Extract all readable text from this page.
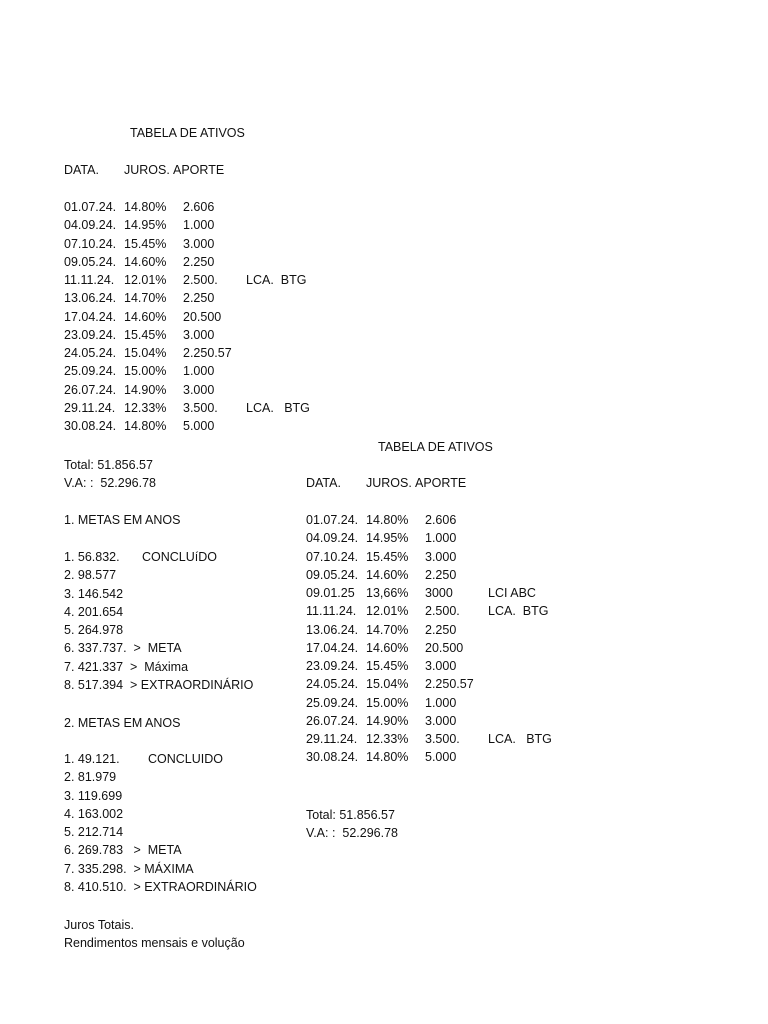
TABELA DE ATIVOS

DATA.

JUROS.

APORTE

01.07.24. 14.80% 2.606
04.09.24. 14.95% 1.000
07.10.24. 15.45% 3.000
09.05.24. 14.60% 2.250
11.11.24. 12.01% 2.500. LCA.  BTG
13.06.24. 14.70% 2.250
17.04.24. 14.60% 20.500
23.09.24. 15.45% 3.000
24.05.24. 15.04% 2.250.57
25.09.24. 15.00% 1.000
26.07.24. 14.90% 3.000
29.11.24. 12.33% 3.500. LCA.   BTG
30.08.24. 14.80% 5.000
Total: 51.856.57
V.A: :  52.296.78
1. METAS EM ANOS
1. 56.832. CONCLUíDO
2. 98.577
3. 146.542
4. 201.654
5. 264.978
6. 337.737.  >  META
7. 421.337  >  Máxima
8. 517.394  > EXTRAORDINÁRIO
2. METAS EM ANOS
1. 49.121. CONCLUIDO
2. 81.979
3. 119.699
4. 163.002
5. 212.714
6. 269.783   >  META
7. 335.298.  > MÁXIMA
8. 410.510.  > EXTRAORDINÁRIO
TABELA DE ATIVOS

DATA.

JUROS.

APORTE

01.07.24. 14.80% 2.606
04.09.24. 14.95% 1.000
07.10.24. 15.45% 3.000
09.05.24. 14.60% 2.250
09.01.25 13,66% 3000	LCI ABC
11.11.24. 12.01% 2.500. LCA.  BTG
13.06.24. 14.70% 2.250
17.04.24. 14.60% 20.500
23.09.24. 15.45% 3.000
24.05.24. 15.04% 2.250.57
25.09.24. 15.00% 1.000
26.07.24. 14.90% 3.000
29.11.24. 12.33% 3.500. LCA.   BTG
30.08.24. 14.80% 5.000
Total: 51.856.57
V.A: :  52.296.78
Juros Totais.
Rendimentos mensais e volução
